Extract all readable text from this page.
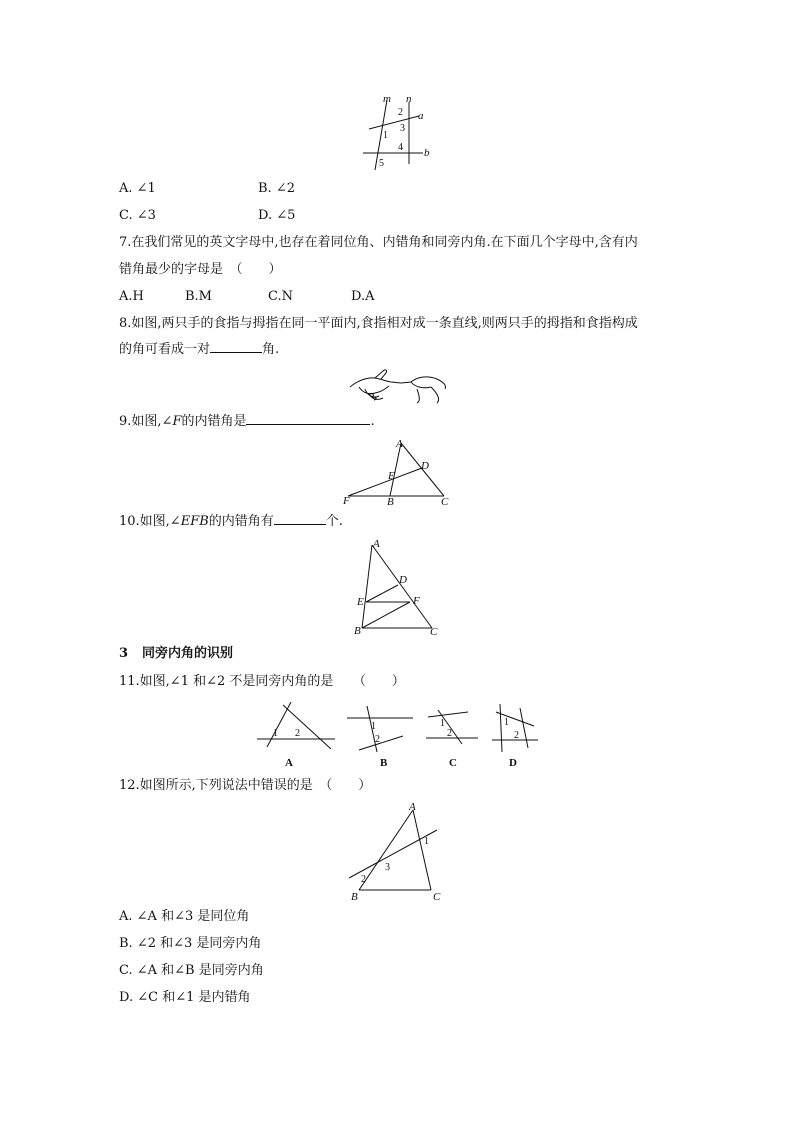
m n
a
b
2
3
1
4
5
A. ∠1	B. ∠2
C. ∠3	D. ∠5
7.在我们常见的英文字母中,也存在着同位角、内错角和同旁内角.在下面几个字母中,含有内
错角最少的字母是　（　　）
A.H	B.M	C.N	D.A
8.如图,两只手的食指与拇指在同一平面内,食指相对成一条直线,则两只手的拇指和食指构成
的角可看成一对	角.
9.如图,∠F的内错角是	.
A
D
E
F	B	C
10.如图,∠EFB的内错角有	个.
A
D
E	F
B	C
3 同旁内角的识别
11.如图,∠1 和∠2 不是同旁内角的是　　（　　）
1 2
A
1
2
B
1
2
C
1
2
D
12.如图所示,下列说法中错误的是　（　　）
A
B	C
1
2
3
A. ∠A 和∠3 是同位角
B. ∠2 和∠3 是同旁内角
C. ∠A 和∠B 是同旁内角
D. ∠C 和∠1 是内错角
